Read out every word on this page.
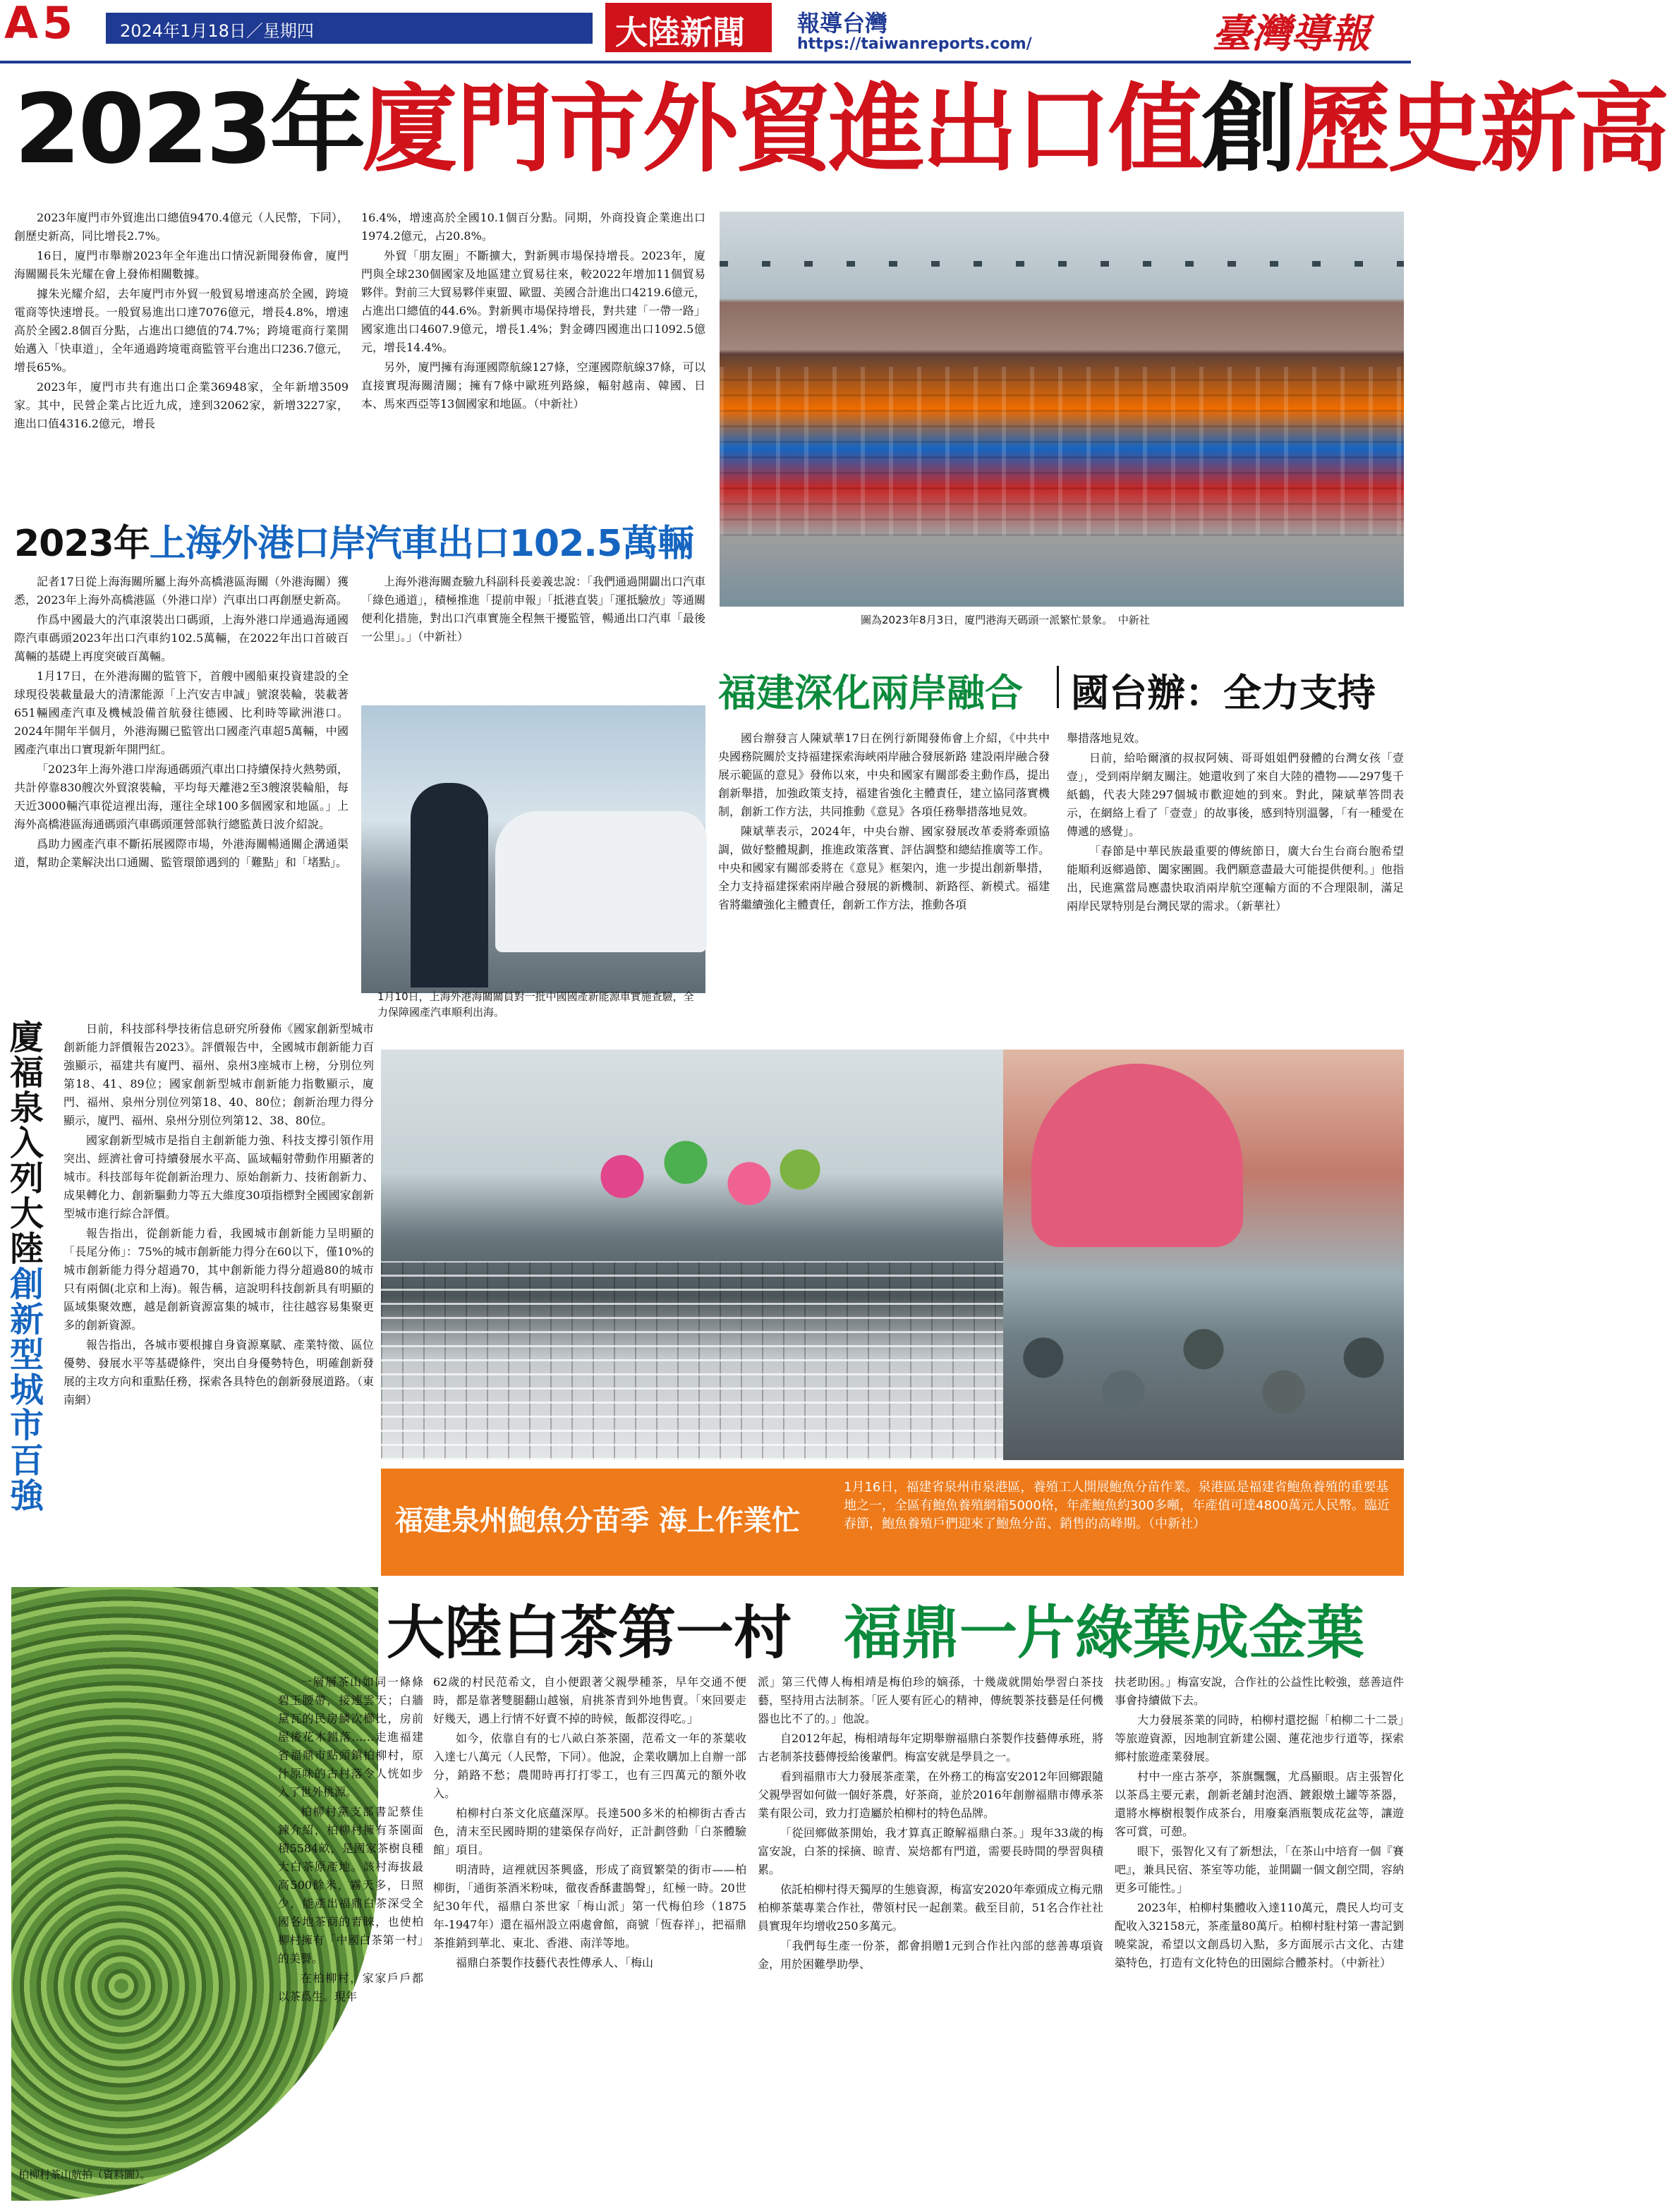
A5	2024年1月18日／星期四	大陸新聞 報導台灣
https://taiwanreports.com/	臺灣導報
2023年廈門市外貿進出口值創歷史新高

2023年廈門市外貿進出口總值9470.4億元（人民幣，下同），創歷史新高，同比增長2.7%。

16日，廈門市舉辦2023年全年進出口情況新聞發佈會，廈門海關關長朱光耀在會上發佈相關數據。

據朱光耀介紹，去年廈門市外貿一般貿易增速高於全國，跨境電商等快速增長。一般貿易進出口達7076億元，增長4.8%，增速高於全國2.8個百分點，占進出口總值的74.7%；跨境電商行業開始邁入「快車道」，全年通過跨境電商監管平台進出口236.7億元，增長65%。

2023年，廈門市共有進出口企業36948家，全年新增3509家。其中，民營企業占比近九成，達到32062家，新增3227家，進出口值4316.2億元，增長

16.4%，增速高於全國10.1個百分點。同期，外商投資企業進出口1974.2億元，占20.8%。

外貿「朋友圈」不斷擴大，對新興市場保持增長。2023年，廈門與全球230個國家及地區建立貿易往來，較2022年增加11個貿易夥伴。對前三大貿易夥伴東盟、歐盟、美國合計進出口4219.6億元，占進出口總值的44.6%。對新興市場保持增長，對共建「一帶一路」國家進出口4607.9億元，增長1.4%；對金磚四國進出口1092.5億元，增長14.4%。

另外，廈門擁有海運國際航線127條，空運國際航線37條，可以直接實現海關清關；擁有7條中歐班列路線，輻射越南、韓國、日本、馬來西亞等13個國家和地區。（中新社）

圖為2023年8月3日，廈門港海天碼頭一派繁忙景象。　中新社
2023年上海外港口岸汽車出口102.5萬輛

記者17日從上海海關所屬上海外高橋港區海關（外港海關）獲悉，2023年上海外高橋港區（外港口岸）汽車出口再創歷史新高。

作爲中國最大的汽車滾裝出口碼頭，上海外港口岸通過海通國際汽車碼頭2023年出口汽車約102.5萬輛，在2022年出口首破百萬輛的基礎上再度突破百萬輛。

1月17日，在外港海關的監管下，首艘中國船東投資建設的全球現役裝載量最大的清潔能源「上汽安吉申誠」號滾裝輪，裝載著651輛國產汽車及機械設備首航發往德國、比利時等歐洲港口。2024年開年半個月，外港海關已監管出口國產汽車超5萬輛，中國國產汽車出口實現新年開門紅。

「2023年上海外港口岸海通碼頭汽車出口持續保持火熱勢頭，共計停靠830艘次外貿滾裝輪，平均每天離港2至3艘滾裝輪船，每天近3000輛汽車從這裡出海，運往全球100多個國家和地區。」上海外高橋港區海通碼頭汽車碼頭運營部執行總監黃日波介紹說。

爲助力國產汽車不斷拓展國際市場，外港海關暢通關企溝通渠道，幫助企業解決出口通關、監管環節遇到的「難點」和「堵點」。

上海外港海關查驗九科副科長姜義忠說：「我們通過開闢出口汽車「綠色通道」，積極推進「提前申報」「抵港直裝」「運抵驗放」等通關便利化措施，對出口汽車實施全程無干擾監管，暢通出口汽車「最後一公里」。」（中新社）

1月10日，上海外港海關關員對一批中國國產新能源車實施查驗，全力保障國產汽車順利出海。
福建深化兩岸融合 國台辦：全力支持

國台辦發言人陳斌華17日在例行新聞發佈會上介紹，《中共中央國務院關於支持福建探索海峽兩岸融合發展新路 建設兩岸融合發展示範區的意見》發佈以來，中央和國家有關部委主動作爲，提出創新舉措，加強政策支持，福建省強化主體責任，建立協同落實機制，創新工作方法，共同推動《意見》各項任務舉措落地見效。

陳斌華表示，2024年，中央台辦、國家發展改革委將牽頭協調，做好整體規劃，推進政策落實、評估調整和總結推廣等工作。中央和國家有關部委將在《意見》框架內，進一步提出創新舉措，全力支持福建探索兩岸融合發展的新機制、新路徑、新模式。福建省將繼續強化主體責任，創新工作方法，推動各項

舉措落地見效。

日前，給哈爾濱的叔叔阿姨、哥哥姐姐們發體的台灣女孩「壹壹」，受到兩岸網友關注。她還收到了來自大陸的禮物——297隻千紙鶴，代表大陸297個城市歡迎她的到來。對此，陳斌華答問表示，在網絡上看了「壹壹」的故事後，感到特別溫馨，「有一種愛在傳遞的感覺」。

「春節是中華民族最重要的傳統節日，廣大台生台商台胞希望能順利返鄉過節、闔家團圓。我們願意盡最大可能提供便利。」他指出，民進黨當局應盡快取消兩岸航空運輸方面的不合理限制，滿足兩岸民眾特別是台灣民眾的需求。（新華社）

廈福泉入列大陸
創新型城市百強

日前，科技部科學技術信息研究所發佈《國家創新型城市創新能力評價報告2023》。評價報告中，全國城市創新能力百強顯示，福建共有廈門、福州、泉州3座城市上榜，分別位列第18、41、89位；國家創新型城市創新能力指數顯示，廈門、福州、泉州分別位列第18、40、80位；創新治理力得分顯示，廈門、福州、泉州分別位列第12、38、80位。

國家創新型城市是指自主創新能力強、科技支撐引領作用突出、經濟社會可持續發展水平高、區域輻射帶動作用顯著的城市。科技部每年從創新治理力、原始創新力、技術創新力、成果轉化力、創新驅動力等五大維度30項指標對全國國家創新型城市進行綜合評價。

報告指出，從創新能力看，我國城市創新能力呈明顯的「長尾分佈」：75%的城市創新能力得分在60以下，僅10%的城市創新能力得分超過70，其中創新能力得分超過80的城市只有兩個(北京和上海)。報告稱，這說明科技創新具有明顯的區域集聚效應，越是創新資源富集的城市，往往越容易集聚更多的創新資源。

報告指出，各城市要根據自身資源稟賦、產業特徵、區位優勢、發展水平等基礎條件，突出自身優勢特色，明確創新發展的主攻方向和重點任務，探索各具特色的創新發展道路。（東南網）

福建泉州鮑魚分苗季 海上作業忙
1月16日，福建省泉州市泉港區，養殖工人開展鮑魚分苗作業。泉港區是福建省鮑魚養殖的重要基地之一，全區有鮑魚養殖網箱5000格，年產鮑魚約300多噸，年產值可達4800萬元人民幣。臨近春節，鮑魚養殖戶們迎來了鮑魚分苗、銷售的高峰期。（中新社）
大陸白茶第一村 福鼎一片綠葉成金葉
柏柳村茶山航拍（資料圖）。

一層層茶山如同一條條碧玉腰帶，接連雲天；白牆黛瓦的民房鱗次櫛比，房前屋後花木錯落……走進福建省福鼎市點頭鎮柏柳村，原汁原味的古村落令人恍如步入了世外桃源。

柏柳村黨支部書記蔡佳鍊介紹，柏柳村擁有茶園面積5584畝，是國家茶樹良種大白茶原產地。該村海拔最高500餘米，霧天多，日照少，能產出福鼎白茶深受全國各地茶商的青睞，也使柏柳村擁有「中國白茶第一村」的美譽。

在柏柳村，家家戶戶都以茶爲生。現年

62歲的村民范希文，自小便跟著父親學種茶，早年交通不便時，都是靠著雙腿翻山越嶺，肩挑茶青到外地售賣。「來回要走好幾天，遇上行情不好賣不掉的時候，飯都沒得吃。」

如今，依靠自有的七八畝白茶茶園，范希文一年的茶葉收入達七八萬元（人民幣，下同）。他說，企業收購加上自辦一部分，銷路不愁；農閒時再打打零工，也有三四萬元的額外收入。

柏柳村白茶文化底蘊深厚。長達500多米的柏柳街古香古色，清末至民國時期的建築保存尚好，正計劃啓動「白茶體驗館」項目。

明清時，這裡就因茶興盛，形成了商貿繁榮的街市——柏柳街，「通街茶酒米粉味，徹夜香酥畫鵲聲」，紅極一時。20世紀30年代，福鼎白茶世家「梅山派」第一代梅伯珍（1875年-1947年）還在福州設立兩處會館，商號「恆春祥」，把福鼎茶推銷到華北、東北、香港、南洋等地。

福鼎白茶製作技藝代表性傳承人、「梅山

派」第三代傳人梅相靖是梅伯珍的嫡孫，十幾歲就開始學習白茶技藝，堅持用古法制茶。「匠人要有匠心的精神，傳統製茶技藝是任何機器也比不了的。」他說。

自2012年起，梅相靖每年定期舉辦福鼎白茶製作技藝傳承班，將古老制茶技藝傳授給後輩們。梅富安就是學員之一。

看到福鼎市大力發展茶產業，在外務工的梅富安2012年回鄉跟隨父親學習如何做一個好茶農，好茶商，並於2016年創辦福鼎市傳承茶業有限公司，致力打造屬於柏柳村的特色品牌。

「從回鄉做茶開始，我才算真正瞭解福鼎白茶。」現年33歲的梅富安說，白茶的採摘、晾青、炭焙都有門道，需要長時間的學習與積累。

依託柏柳村得天獨厚的生態資源，梅富安2020年牽頭成立梅元鼎柏柳茶葉專業合作社，帶領村民一起創業。截至目前，51名合作社社員實現年均增收250多萬元。

「我們每生產一份茶，都會捐贈1元到合作社內部的慈善專項資金，用於困難學助學、

扶老助困。」梅富安說，合作社的公益性比較強，慈善這件事會持續做下去。

大力發展茶業的同時，柏柳村還挖掘「柏柳二十二景」等旅遊資源，因地制宜新建公園、蓮花池步行道等，探索鄉村旅遊產業發展。

村中一座古茶亭，茶旗飄飄，尤爲顯眼。店主張智化以茶爲主要元素，創新老舖封泡酒、鍍銀燉土罐等茶器，還將水檸樹根製作成茶台，用廢棄酒瓶製成花盆等，讓遊客可賞，可憩。

眼下，張智化又有了新想法，「在茶山中培育一個『賽吧』，兼具民宿、茶室等功能，並開闢一個文創空間，容納更多可能性。」

2023年，柏柳村集體收入達110萬元，農民人均可支配收入32158元，茶產量80萬斤。柏柳村駐村第一書記劉曉棠說，希望以文創爲切入點，多方面展示古文化、古建築特色，打造有文化特色的田園綜合體茶村。（中新社）
